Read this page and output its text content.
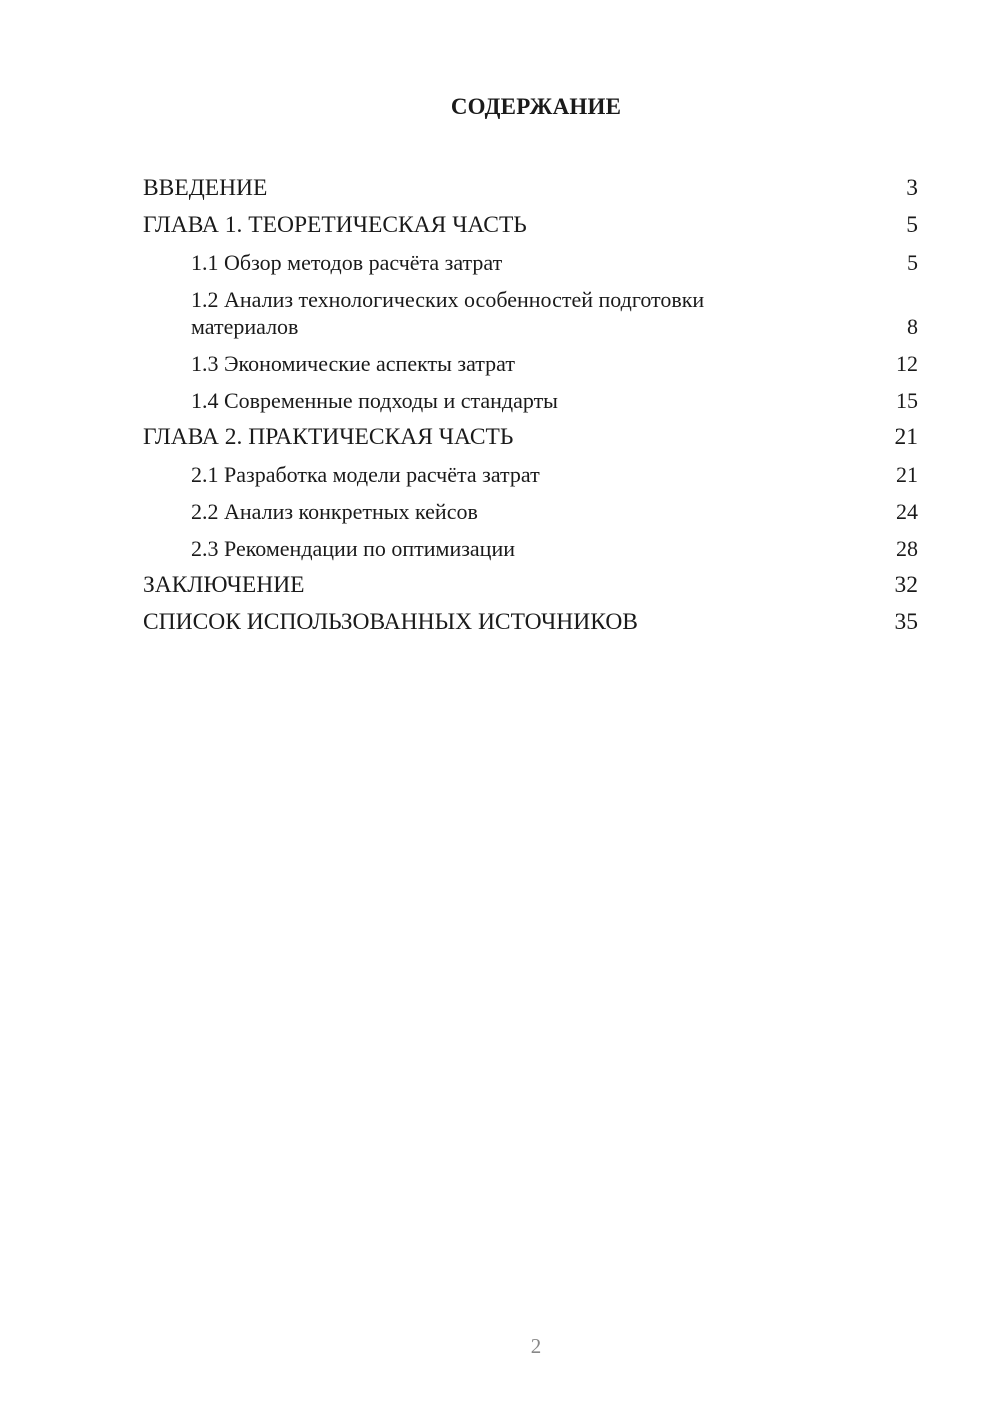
СОДЕРЖАНИЕ
ВВЕДЕНИЕ	3
ГЛАВА 1. ТЕОРЕТИЧЕСКАЯ ЧАСТЬ	5
1.1 Обзор методов расчёта затрат	5
1.2 Анализ технологических особенностей подготовки материалов	8
1.3 Экономические аспекты затрат	12
1.4 Современные подходы и стандарты	15
ГЛАВА 2. ПРАКТИЧЕСКАЯ ЧАСТЬ	21
2.1 Разработка модели расчёта затрат	21
2.2 Анализ конкретных кейсов	24
2.3 Рекомендации по оптимизации	28
ЗАКЛЮЧЕНИЕ	32
СПИСОК ИСПОЛЬЗОВАННЫХ ИСТОЧНИКОВ	35
2
